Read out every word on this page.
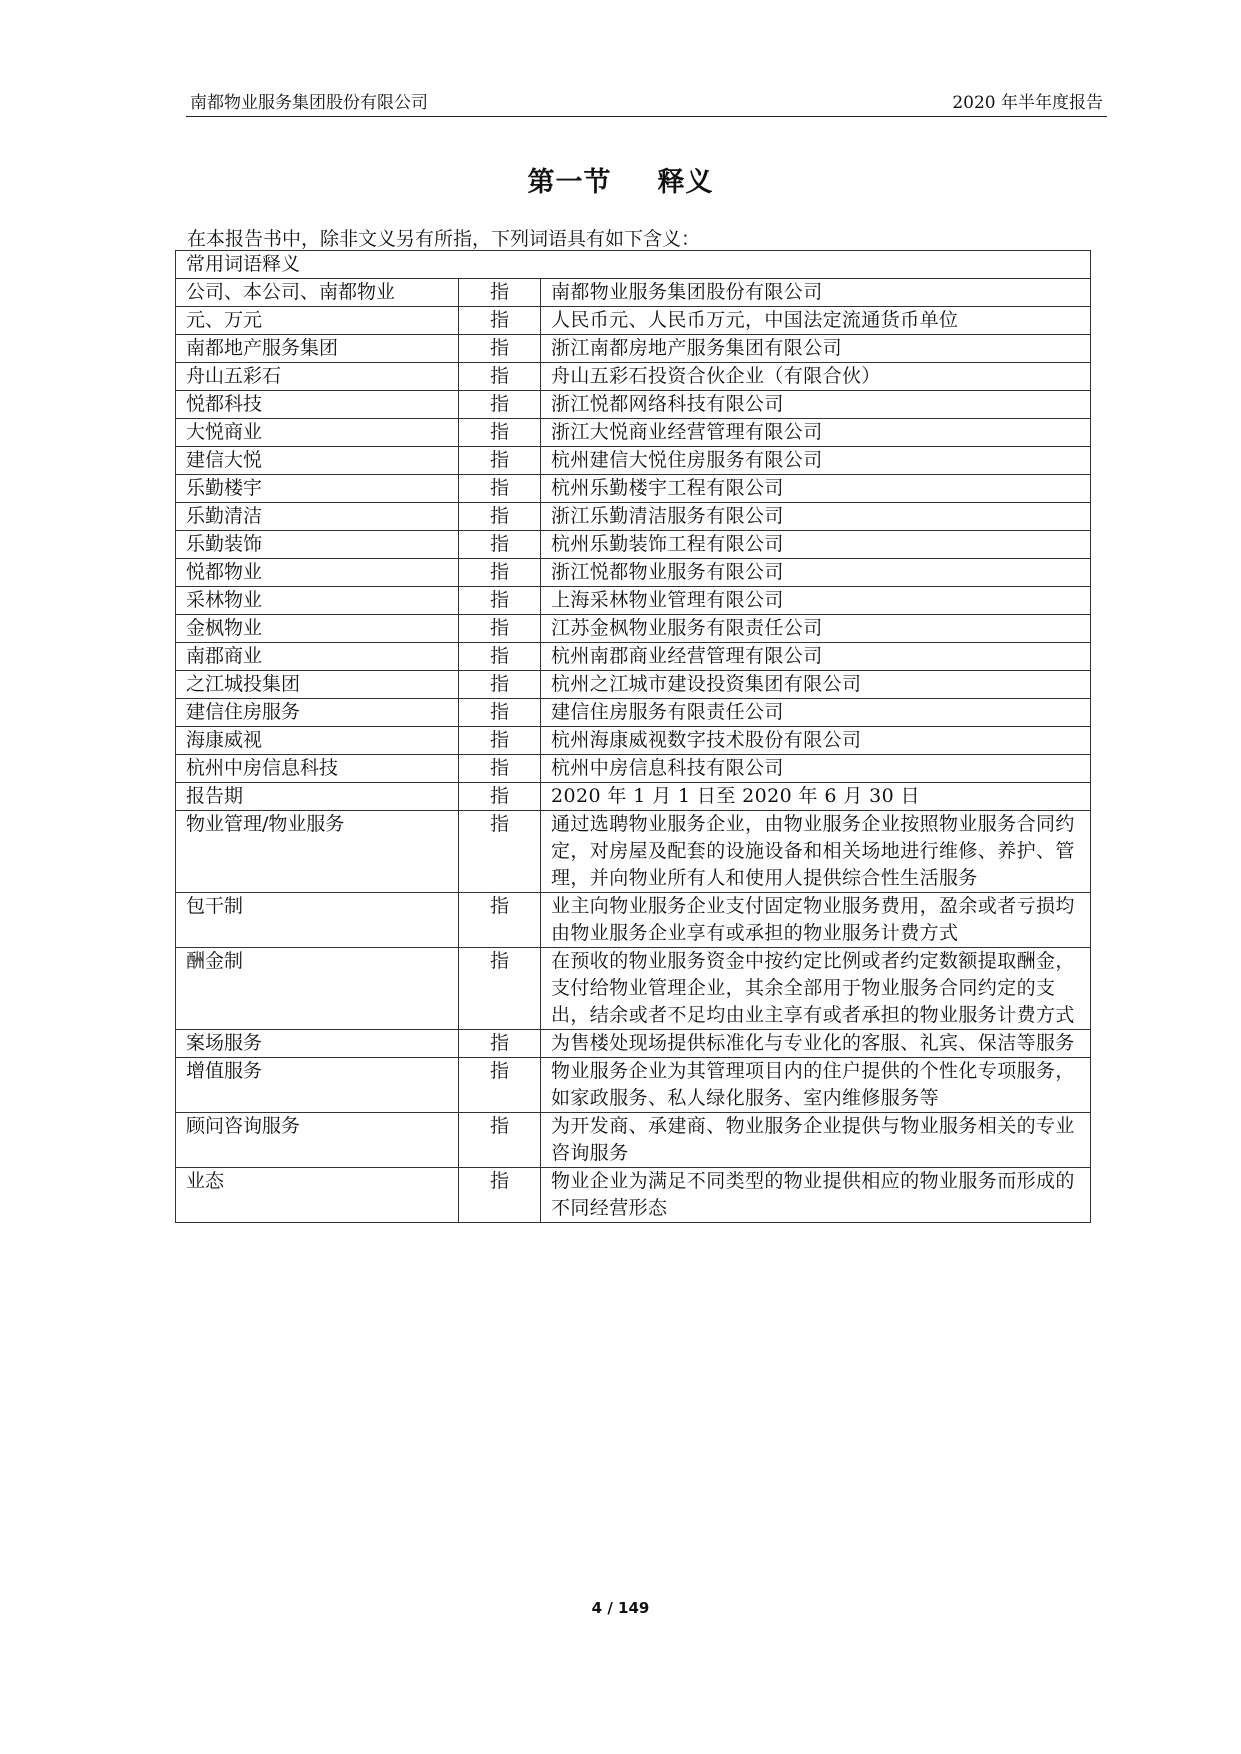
南都物业服务集团股份有限公司	2020 年半年度报告
第一节 释义
在本报告书中，除非文义另有所指，下列词语具有如下含义：
常用词语释义		
公司、本公司、南都物业	指	南都物业服务集团股份有限公司
元、万元	指	人民币元、人民币万元，中国法定流通货币单位
南都地产服务集团	指	浙江南都房地产服务集团有限公司
舟山五彩石	指	舟山五彩石投资合伙企业（有限合伙）
悦都科技	指	浙江悦都网络科技有限公司
大悦商业	指	浙江大悦商业经营管理有限公司
建信大悦	指	杭州建信大悦住房服务有限公司
乐勤楼宇	指	杭州乐勤楼宇工程有限公司
乐勤清洁	指	浙江乐勤清洁服务有限公司
乐勤装饰	指	杭州乐勤装饰工程有限公司
悦都物业	指	浙江悦都物业服务有限公司
采林物业	指	上海采林物业管理有限公司
金枫物业	指	江苏金枫物业服务有限责任公司
南郡商业	指	杭州南郡商业经营管理有限公司
之江城投集团	指	杭州之江城市建设投资集团有限公司
建信住房服务	指	建信住房服务有限责任公司
海康威视	指	杭州海康威视数字技术股份有限公司
杭州中房信息科技	指	杭州中房信息科技有限公司
报告期	指	2020 年 1 月 1 日至 2020 年 6 月 30 日
物业管理/物业服务	指	通过选聘物业服务企业，由物业服务企业按照物业服务合同约定，对房屋及配套的设施设备和相关场地进行维修、养护、管理，并向物业所有人和使用人提供综合性生活服务
包干制	指	业主向物业服务企业支付固定物业服务费用，盈余或者亏损均由物业服务企业享有或承担的物业服务计费方式
酬金制	指	在预收的物业服务资金中按约定比例或者约定数额提取酬金，支付给物业管理企业，其余全部用于物业服务合同约定的支出，结余或者不足均由业主享有或者承担的物业服务计费方式
案场服务	指	为售楼处现场提供标准化与专业化的客服、礼宾、保洁等服务
增值服务	指	物业服务企业为其管理项目内的住户提供的个性化专项服务，如家政服务、私人绿化服务、室内维修服务等
顾问咨询服务	指	为开发商、承建商、物业服务企业提供与物业服务相关的专业咨询服务
业态	指	物业企业为满足不同类型的物业提供相应的物业服务而形成的不同经营形态
4 / 149
